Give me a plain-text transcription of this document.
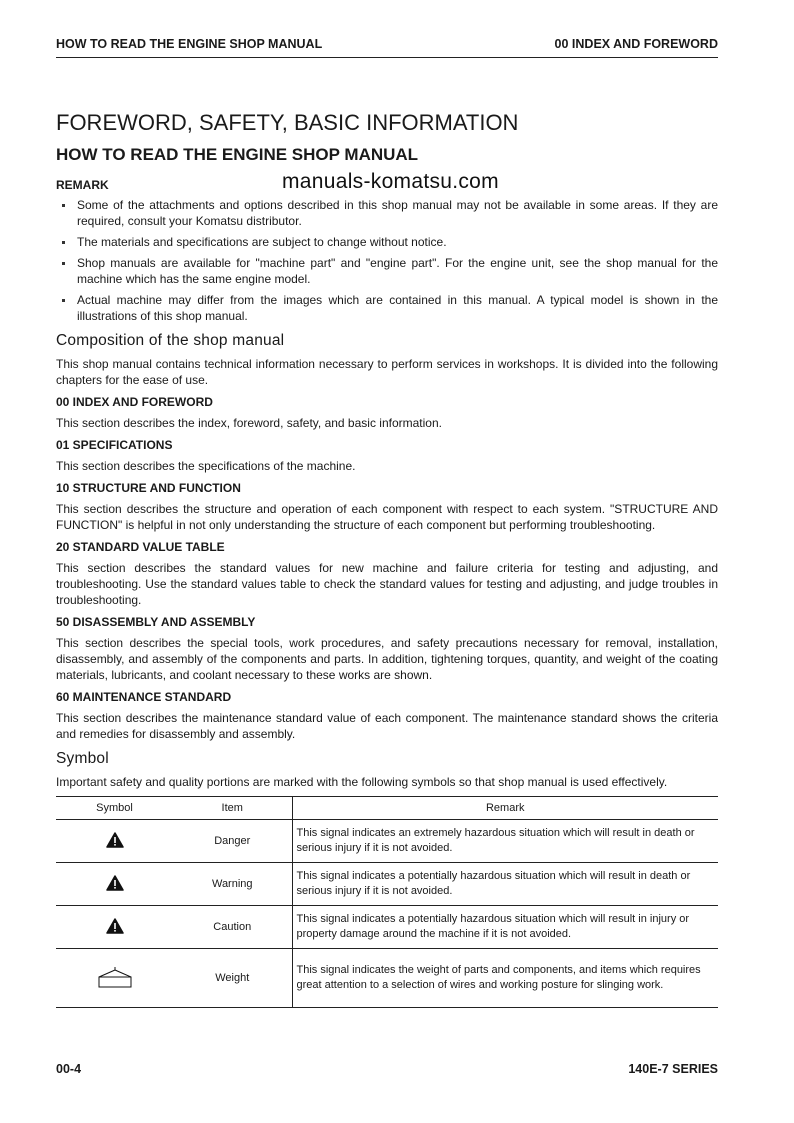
HOW TO READ THE ENGINE SHOP MANUAL	00 INDEX AND FOREWORD
FOREWORD, SAFETY, BASIC INFORMATION
HOW TO READ THE ENGINE SHOP MANUAL
REMARK	manuals-komatsu.com
Some of the attachments and options described in this shop manual may not be available in some areas. If they are required, consult your Komatsu distributor.
The materials and specifications are subject to change without notice.
Shop manuals are available for "machine part" and "engine part". For the engine unit, see the shop manual for the machine which has the same engine model.
Actual machine may differ from the images which are contained in this manual. A typical model is shown in the illustrations of this shop manual.
Composition of the shop manual

This shop manual contains technical information necessary to perform services in workshops. It is divided into the following chapters for the ease of use.

00 INDEX AND FOREWORD

This section describes the index, foreword, safety, and basic information.

01 SPECIFICATIONS

This section describes the specifications of the machine.

10 STRUCTURE AND FUNCTION

This section describes the structure and operation of each component with respect to each system. "STRUCTURE AND FUNCTION" is helpful in not only understanding the structure of each component but performing troubleshooting.

20 STANDARD VALUE TABLE

This section describes the standard values for new machine and failure criteria for testing and adjusting, and troubleshooting. Use the standard values table to check the standard values for testing and adjusting, and judge troubles in troubleshooting.

50 DISASSEMBLY AND ASSEMBLY

This section describes the special tools, work procedures, and safety precautions necessary for removal, installation, disassembly, and assembly of the components and parts. In addition, tightening torques, quantity, and weight of the coating materials, lubricants, and coolant necessary to these works are shown.

60 MAINTENANCE STANDARD

This section describes the maintenance standard value of each component. The maintenance standard shows the criteria and remedies for disassembly and assembly.

Symbol

Important safety and quality portions are marked with the following symbols so that shop manual is used effectively.

Symbol	Item	Remark
	Danger	This signal indicates an extremely hazardous situation which will result in death or serious injury if it is not avoided.
	Warning	This signal indicates a potentially hazardous situation which will result in death or serious injury if it is not avoided.
	Caution	This signal indicates a potentially hazardous situation which will result in injury or property damage around the machine if it is not avoided.
	Weight	This signal indicates the weight of parts and components, and items which requires great attention to a selection of wires and working posture for slinging work.
00-4	140E-7 SERIES
